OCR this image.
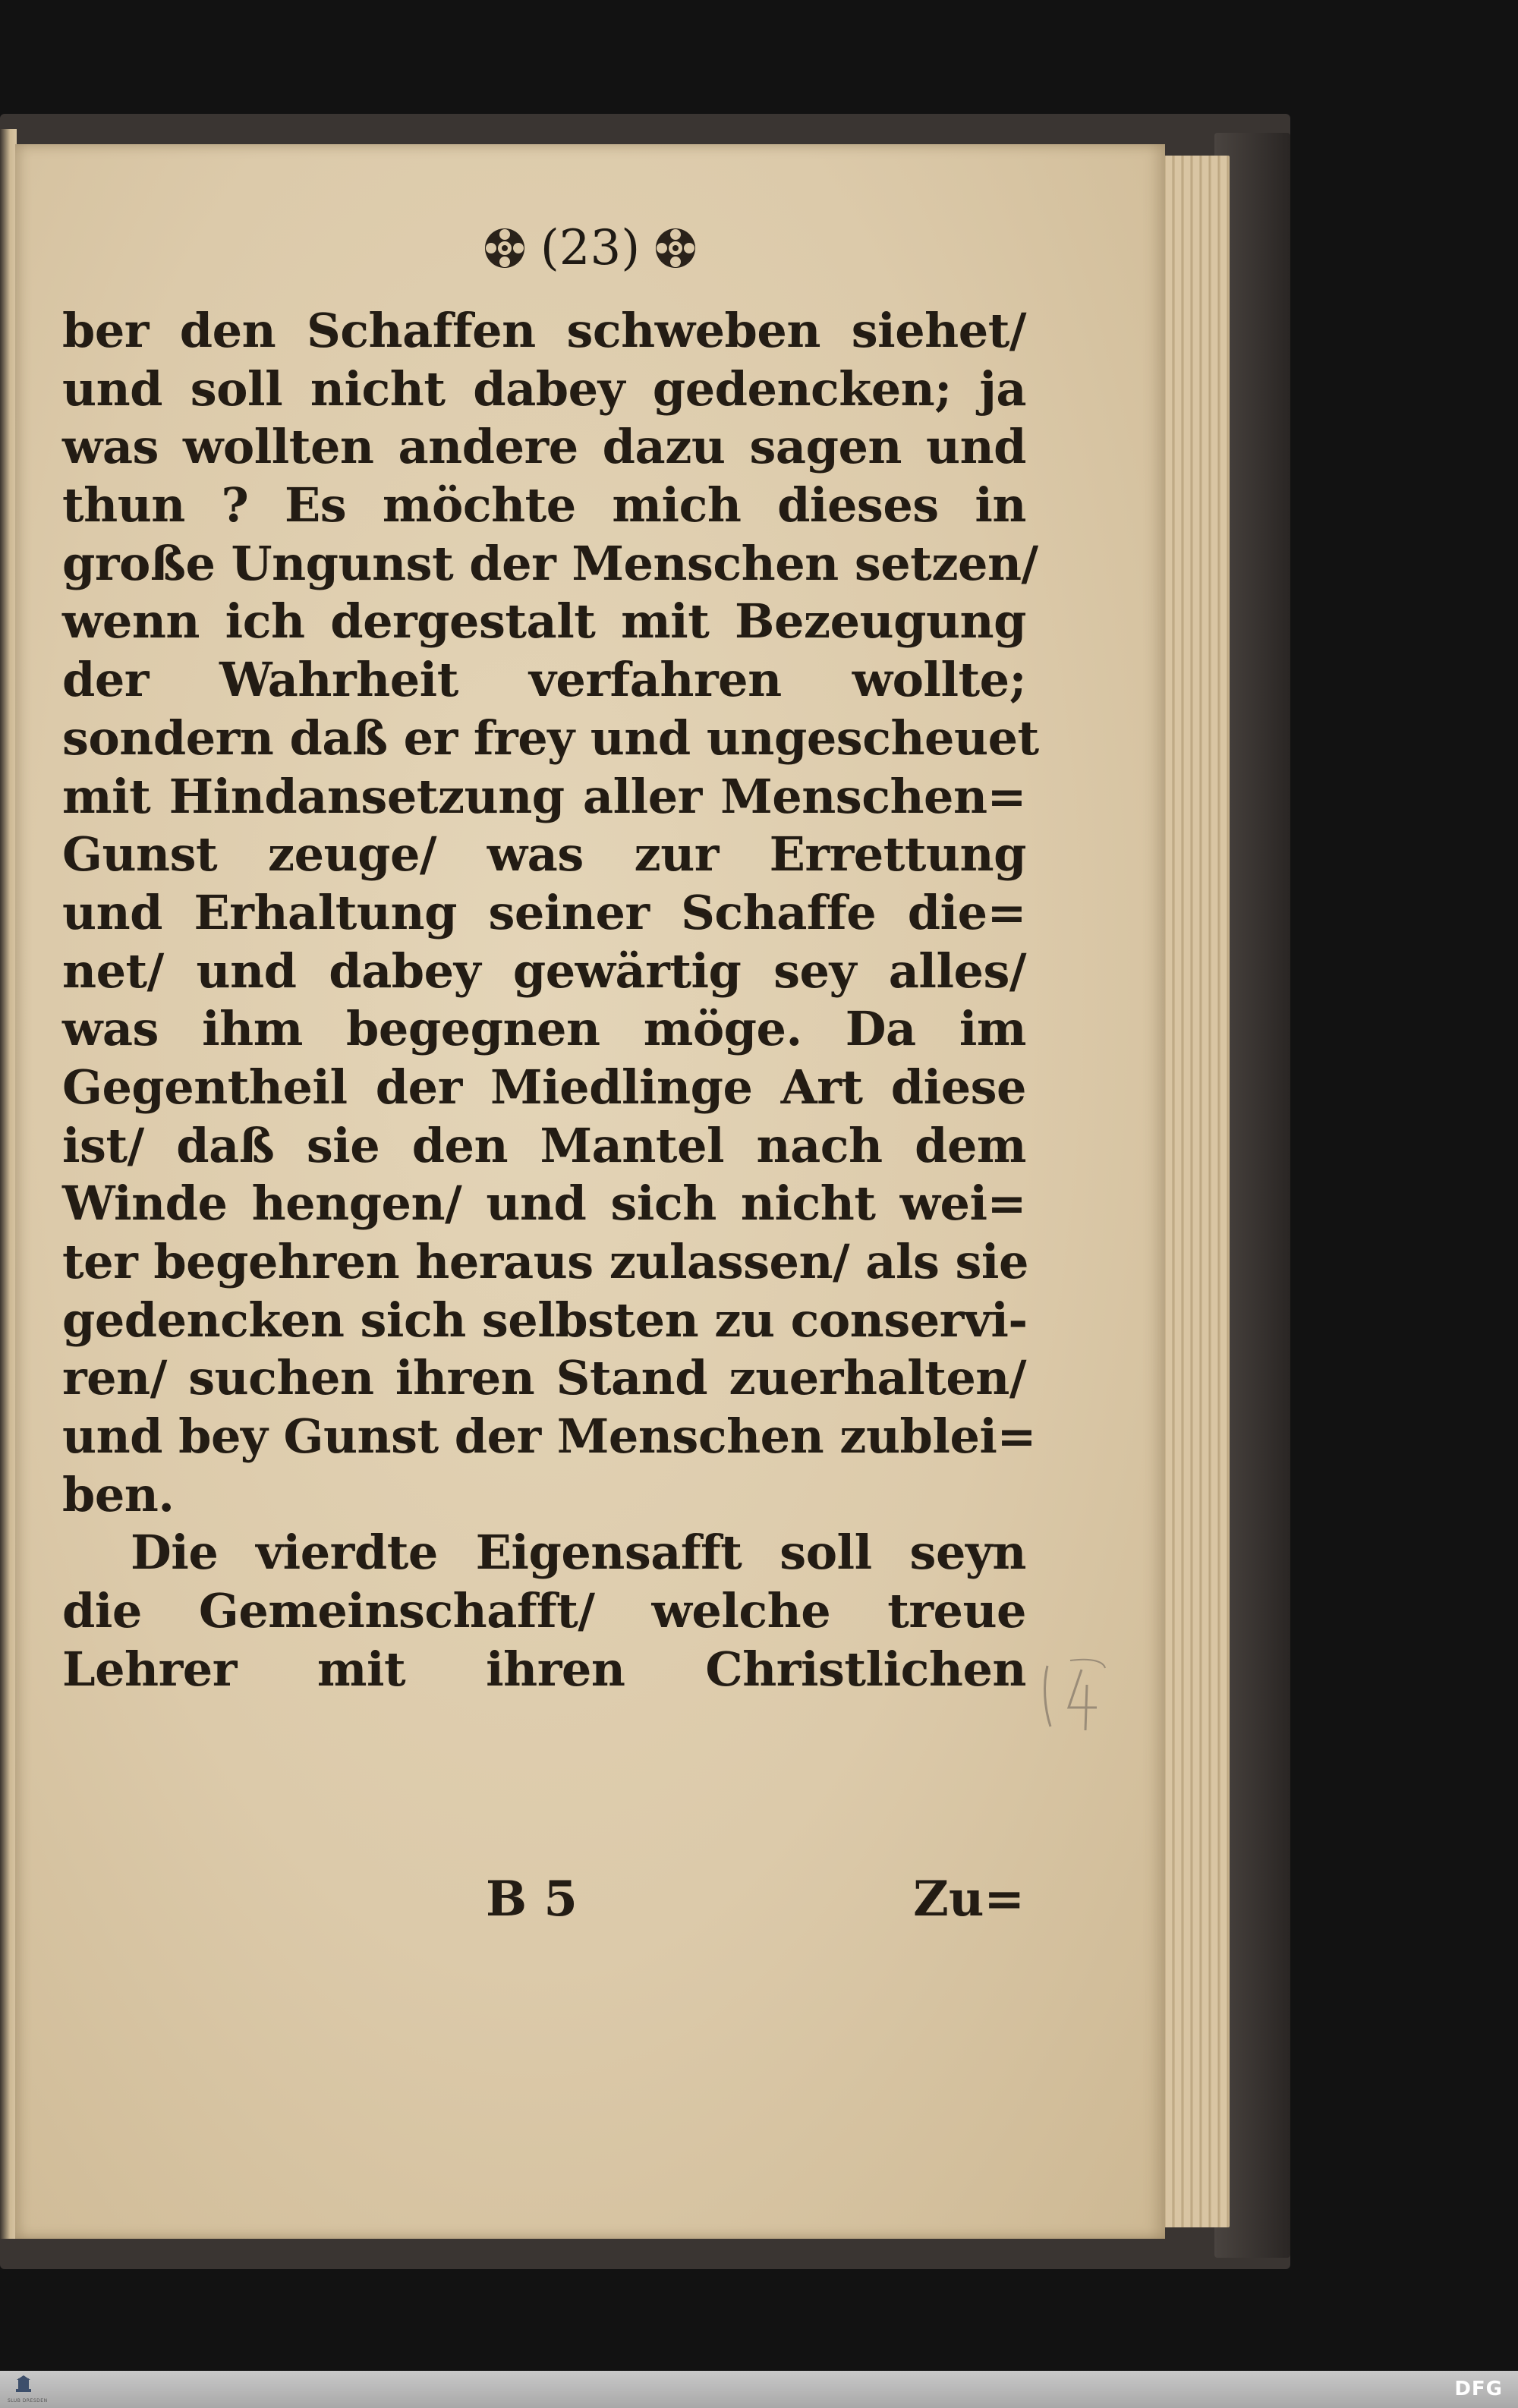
(23)
ber den Schaffen schweben siehet/
und soll nicht dabey gedencken; ja
was wollten andere dazu sagen und
thun ? Es möchte mich dieses in
große Ungunst der Menschen setzen/
wenn ich dergestalt mit Bezeugung
der Wahrheit verfahren wollte;
sondern daß er frey und ungescheuet
mit Hindansetzung aller Menschen=
Gunst zeuge/ was zur Errettung
und Erhaltung seiner Schaffe die=
net/ und dabey gewärtig sey alles/
was ihm begegnen möge. Da im
Gegentheil der Miedlinge Art diese
ist/ daß sie den Mantel nach dem
Winde hengen/ und sich nicht wei=
ter begehren heraus zulassen/ als sie
gedencken sich selbsten zu conservi-
ren/ suchen ihren Stand zuerhalten/
und bey Gunst der Menschen zublei=
ben.
Die vierdte Eigensafft soll seyn
die Gemeinschafft/ welche treue
Lehrer mit ihren Christlichen
B 5	Zu=
SLUB DRESDEN
DFG
